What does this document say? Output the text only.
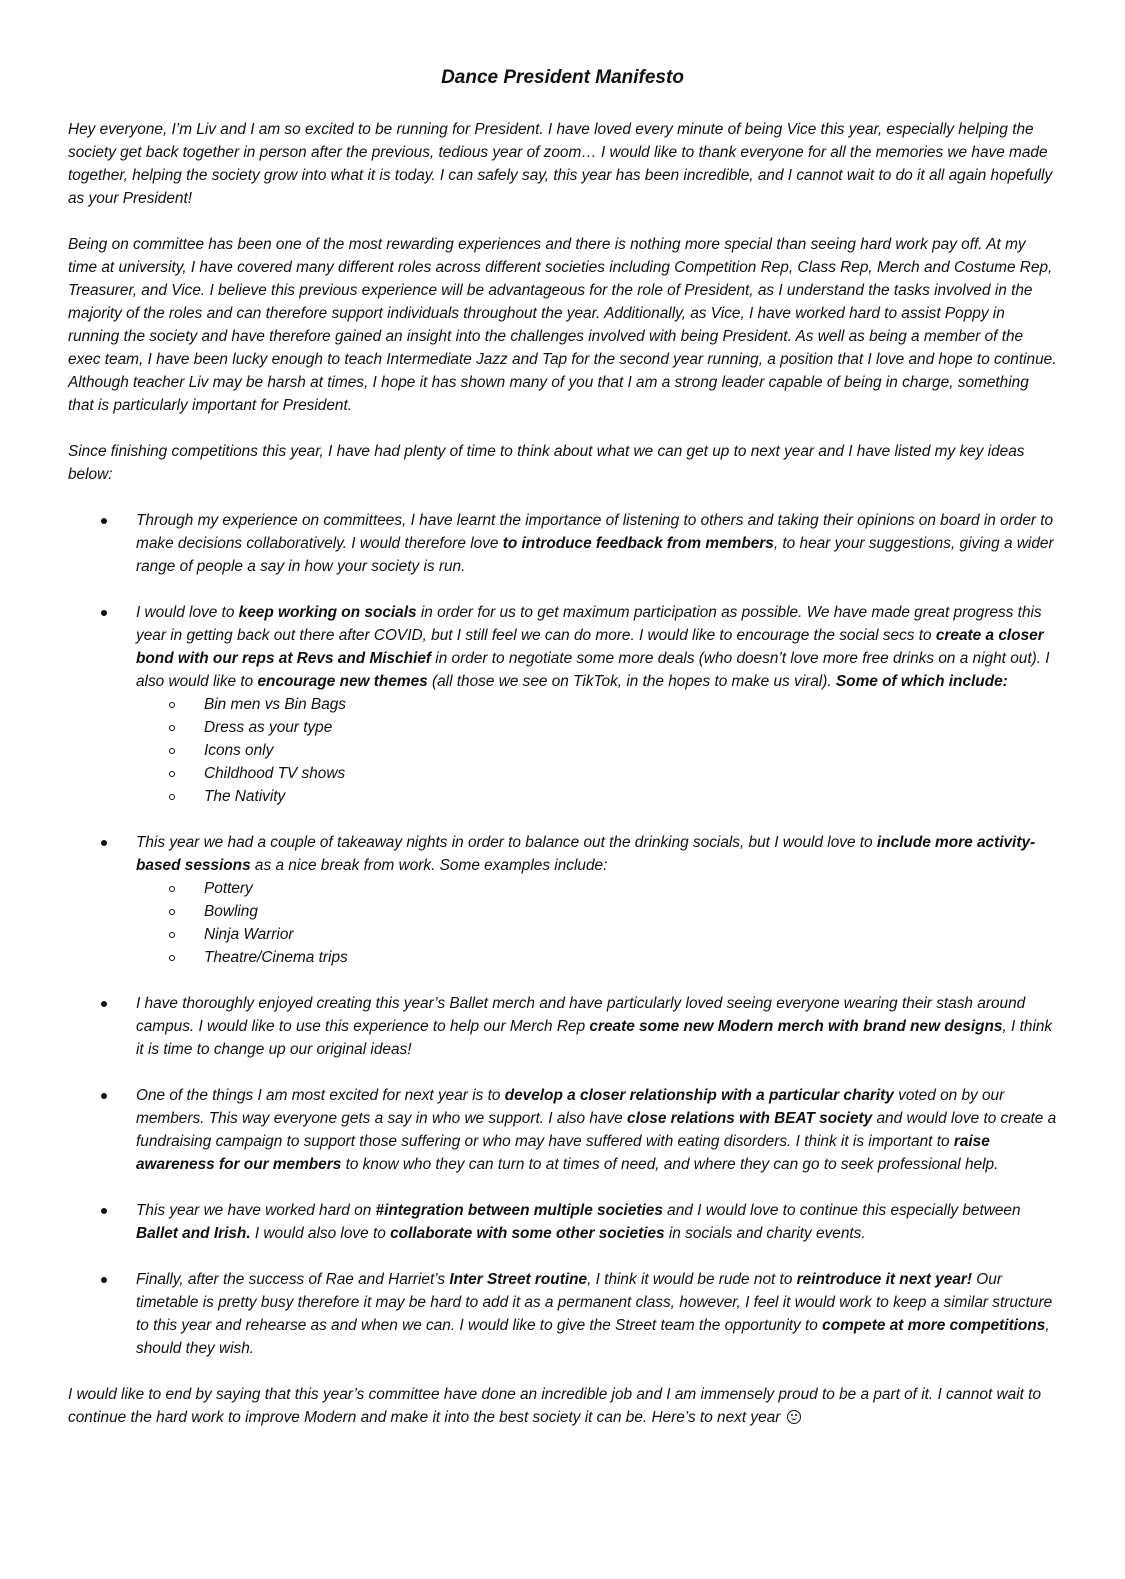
Dance President Manifesto

Hey everyone, I’m Liv and I am so excited to be running for President. I have loved every minute of being Vice this year, especially helping the society get back together in person after the previous, tedious year of zoom… I would like to thank everyone for all the memories we have made together, helping the society grow into what it is today. I can safely say, this year has been incredible, and I cannot wait to do it all again hopefully as your President!

Being on committee has been one of the most rewarding experiences and there is nothing more special than seeing hard work pay off. At my time at university, I have covered many different roles across different societies including Competition Rep, Class Rep, Merch and Costume Rep, Treasurer, and Vice. I believe this previous experience will be advantageous for the role of President, as I understand the tasks involved in the majority of the roles and can therefore support individuals throughout the year. Additionally, as Vice, I have worked hard to assist Poppy in running the society and have therefore gained an insight into the challenges involved with being President. As well as being a member of the exec team, I have been lucky enough to teach Intermediate Jazz and Tap for the second year running, a position that I love and hope to continue. Although teacher Liv may be harsh at times, I hope it has shown many of you that I am a strong leader capable of being in charge, something that is particularly important for President.

Since finishing competitions this year, I have had plenty of time to think about what we can get up to next year and I have listed my key ideas below:

Through my experience on committees, I have learnt the importance of listening to others and taking their opinions on board in order to make decisions collaboratively. I would therefore love to introduce feedback from members, to hear your suggestions, giving a wider range of people a say in how your society is run.
I would love to keep working on socials in order for us to get maximum participation as possible. We have made great progress this year in getting back out there after COVID, but I still feel we can do more. I would like to encourage the social secs to create a closer bond with our reps at Revs and Mischief in order to negotiate some more deals (who doesn’t love more free drinks on a night out). I also would like to encourage new themes (all those we see on TikTok, in the hopes to make us viral). Some of which include:
Bin men vs Bin Bags
Dress as your type
Icons only
Childhood TV shows
The Nativity
This year we had a couple of takeaway nights in order to balance out the drinking socials, but I would love to include more activity-based sessions as a nice break from work. Some examples include:
Pottery
Bowling
Ninja Warrior
Theatre/Cinema trips
I have thoroughly enjoyed creating this year’s Ballet merch and have particularly loved seeing everyone wearing their stash around campus. I would like to use this experience to help our Merch Rep create some new Modern merch with brand new designs, I think it is time to change up our original ideas!
One of the things I am most excited for next year is to develop a closer relationship with a particular charity voted on by our members. This way everyone gets a say in who we support. I also have close relations with BEAT society and would love to create a fundraising campaign to support those suffering or who may have suffered with eating disorders. I think it is important to raise awareness for our members to know who they can turn to at times of need, and where they can go to seek professional help.
This year we have worked hard on #integration between multiple societies and I would love to continue this especially between Ballet and Irish. I would also love to collaborate with some other societies in socials and charity events.
Finally, after the success of Rae and Harriet’s Inter Street routine, I think it would be rude not to reintroduce it next year! Our timetable is pretty busy therefore it may be hard to add it as a permanent class, however, I feel it would work to keep a similar structure to this year and rehearse as and when we can. I would like to give the Street team the opportunity to compete at more competitions, should they wish.

I would like to end by saying that this year’s committee have done an incredible job and I am immensely proud to be a part of it. I cannot wait to continue the hard work to improve Modern and make it into the best society it can be. Here’s to next year
